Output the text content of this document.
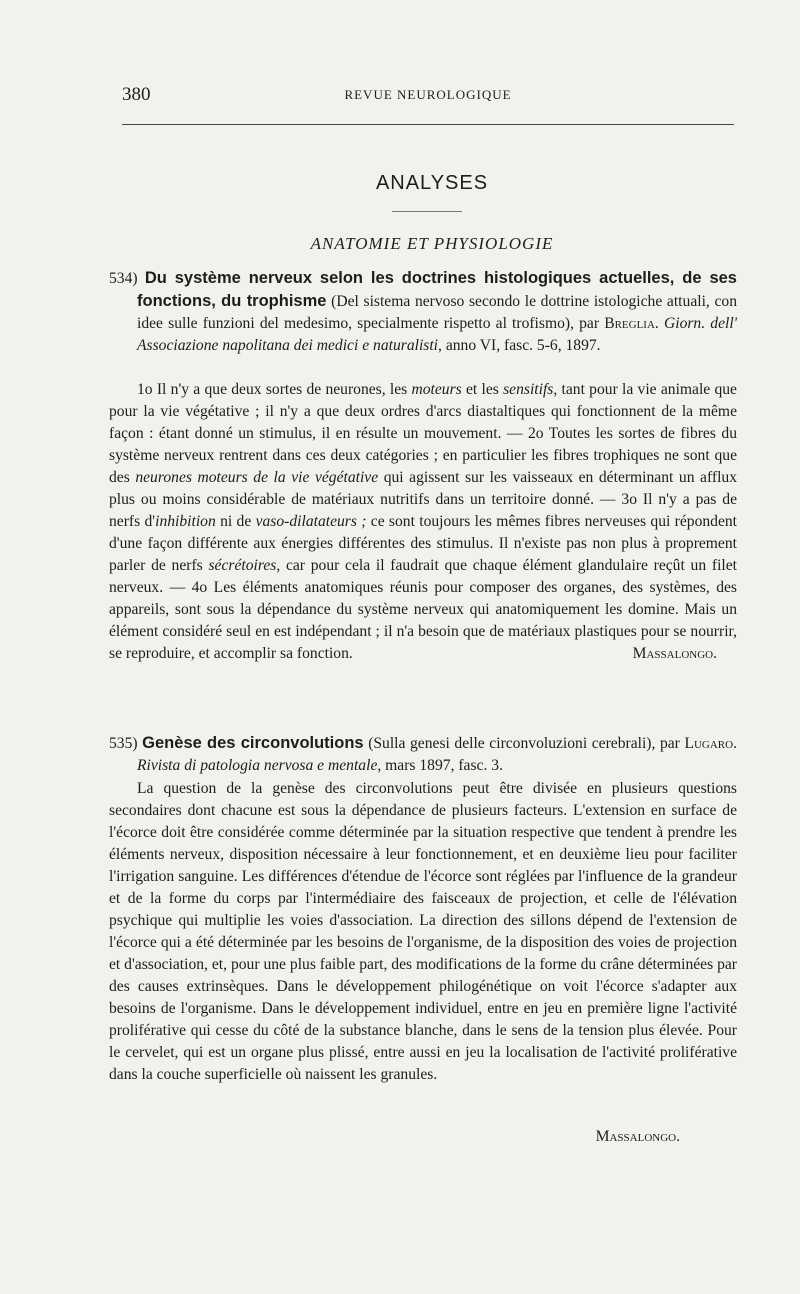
380	REVUE NEUROLOGIQUE
ANALYSES
ANATOMIE ET PHYSIOLOGIE
534) Du système nerveux selon les doctrines histologiques actuelles, de ses fonctions, du trophisme (Del sistema nervoso secondo le dottrine istologiche attuali, con idee sulle funzioni del medesimo, specialmente rispetto al trofismo), par Breglia. Giorn. dell' Associazione napolitana dei medici e naturalisti, anno VI, fasc. 5-6, 1897.

1o Il n'y a que deux sortes de neurones, les moteurs et les sensitifs, tant pour la vie animale que pour la vie végétative ; il n'y a que deux ordres d'arcs diastaltiques qui fonctionnent de la même façon : étant donné un stimulus, il en résulte un mouvement. — 2o Toutes les sortes de fibres du système nerveux rentrent dans ces deux catégories ; en particulier les fibres trophiques ne sont que des neurones moteurs de la vie végétative qui agissent sur les vaisseaux en déterminant un afflux plus ou moins considérable de matériaux nutritifs dans un territoire donné. — 3o Il n'y a pas de nerfs d'inhibition ni de vaso-dilatateurs ; ce sont toujours les mêmes fibres nerveuses qui répondent d'une façon différente aux énergies différentes des stimulus. Il n'existe pas non plus à proprement parler de nerfs sécrétoires, car pour cela il faudrait que chaque élément glandulaire reçût un filet nerveux. — 4o Les éléments anatomiques réunis pour composer des organes, des systèmes, des appareils, sont sous la dépendance du système nerveux qui anatomiquement les domine. Mais un élément considéré seul en est indépendant ; il n'a besoin que de matériaux plastiques pour se nourrir, se reproduire, et accomplir sa fonction.	Massalongo.

535) Genèse des circonvolutions (Sulla genesi delle circonvoluzioni cerebrali), par Lugaro. Rivista di patologia nervosa e mentale, mars 1897, fasc. 3.

La question de la genèse des circonvolutions peut être divisée en plusieurs questions secondaires dont chacune est sous la dépendance de plusieurs facteurs. L'extension en surface de l'écorce doit être considérée comme déterminée par la situation respective que tendent à prendre les éléments nerveux, disposition nécessaire à leur fonctionnement, et en deuxième lieu pour faciliter l'irrigation sanguine. Les différences d'étendue de l'écorce sont réglées par l'influence de la grandeur et de la forme du corps par l'intermédiaire des faisceaux de projection, et celle de l'élévation psychique qui multiplie les voies d'association. La direction des sillons dépend de l'extension de l'écorce qui a été déterminée par les besoins de l'organisme, de la disposition des voies de projection et d'association, et, pour une plus faible part, des modifications de la forme du crâne déterminées par des causes extrinsèques. Dans le développement philogénétique on voit l'écorce s'adapter aux besoins de l'organisme. Dans le développement individuel, entre en jeu en première ligne l'activité proliférative qui cesse du côté de la substance blanche, dans le sens de la tension plus élevée. Pour le cervelet, qui est un organe plus plissé, entre aussi en jeu la localisation de l'activité proliférative dans la couche superficielle où naissent les granules.

Massalongo.
